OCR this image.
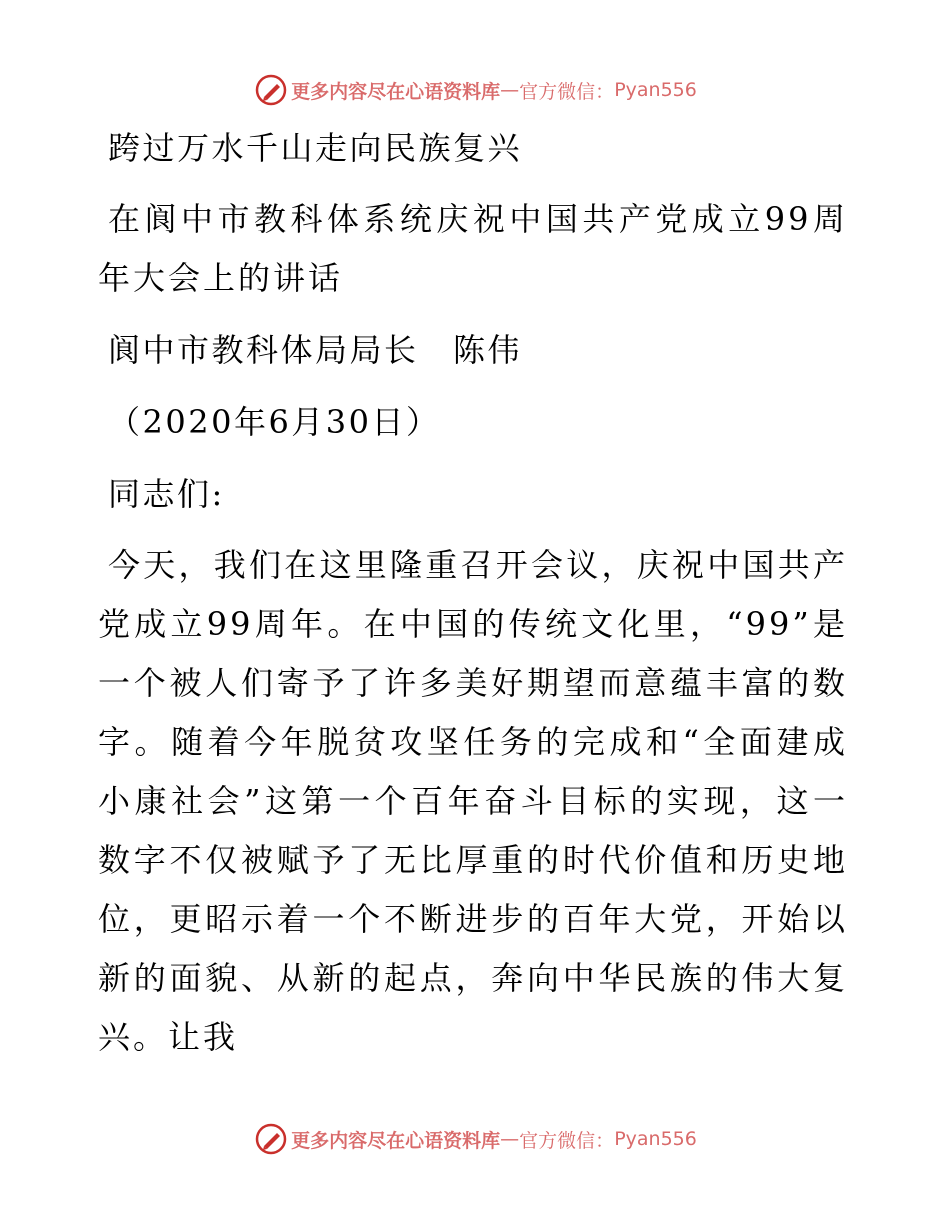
更多内容尽在心语资料库 — 官方微信： Pyan556

跨过万水千山走向民族复兴

在阆中市教科体系统庆祝中国共产党成立99周年大会上的讲话

阆中市教科体局局长　陈伟

（2020年6月30日）

同志们:

今天，我们在这里隆重召开会议，庆祝中国共产党成立99周年。在中国的传统文化里，“99”是一个被人们寄予了许多美好期望而意蕴丰富的数字。随着今年脱贫攻坚任务的完成和“全面建成小康社会”这第一个百年奋斗目标的实现，这一数字不仅被赋予了无比厚重的时代价值和历史地位，更昭示着一个不断进步的百年大党，开始以新的面貌、从新的起点，奔向中华民族的伟大复兴。让我

更多内容尽在心语资料库 — 官方微信： Pyan556
